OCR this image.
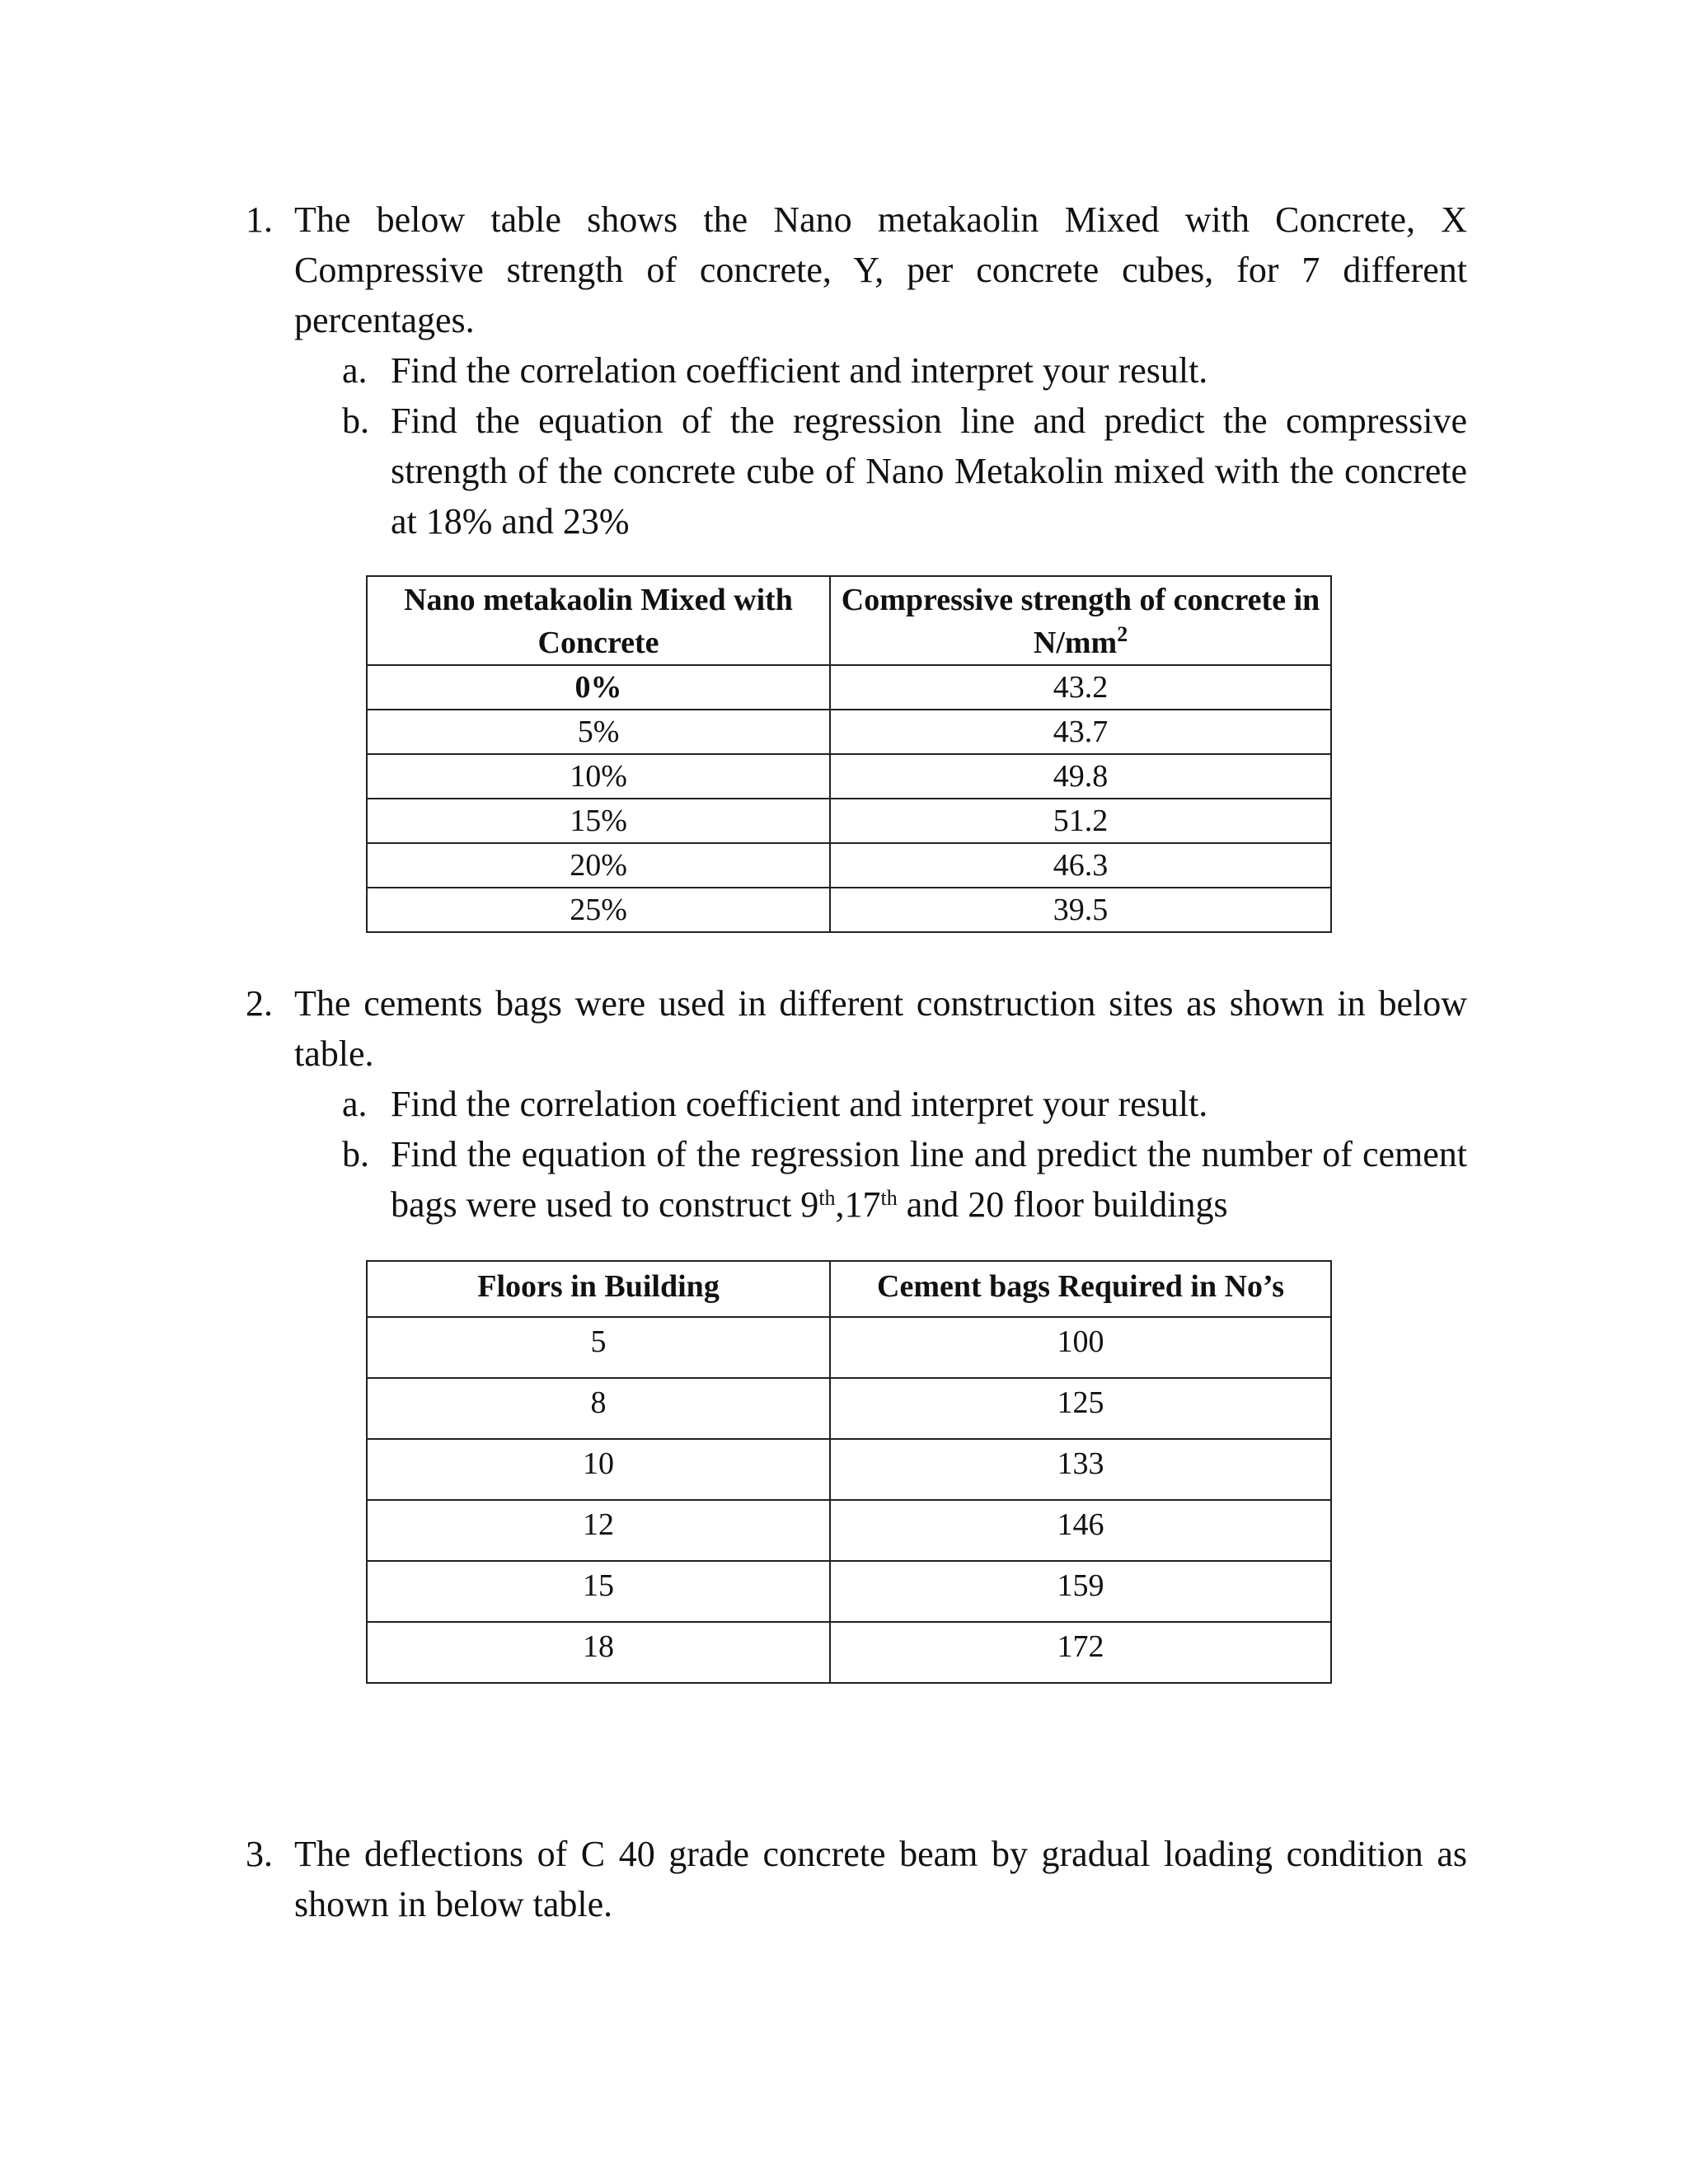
1. The below table shows the Nano metakaolin Mixed with Concrete, X Compressive strength of concrete, Y, per concrete cubes, for 7 different percentages.
a. Find the correlation coefficient and interpret your result.
b. Find the equation of the regression line and predict the compressive strength of the concrete cube of Nano Metakolin mixed with the concrete at 18% and 23%
Nano metakaolin Mixed with Concrete	Compressive strength of concrete in $N/mm^2$
0%	43.2
5%	43.7
10%	49.8
15%	51.2
20%	46.3
25%	39.5
2. The cements bags were used in different construction sites as shown in below table.
a. Find the correlation coefficient and interpret your result.
b. Find the equation of the regression line and predict the number of cement bags were used to construct 9th,17th and 20 floor buildings
Floors in Building	Cement bags Required in No’s
5	100
8	125
10	133
12	146
15	159
18	172
3. The deflections of C 40 grade concrete beam by gradual loading condition as shown in below table.
